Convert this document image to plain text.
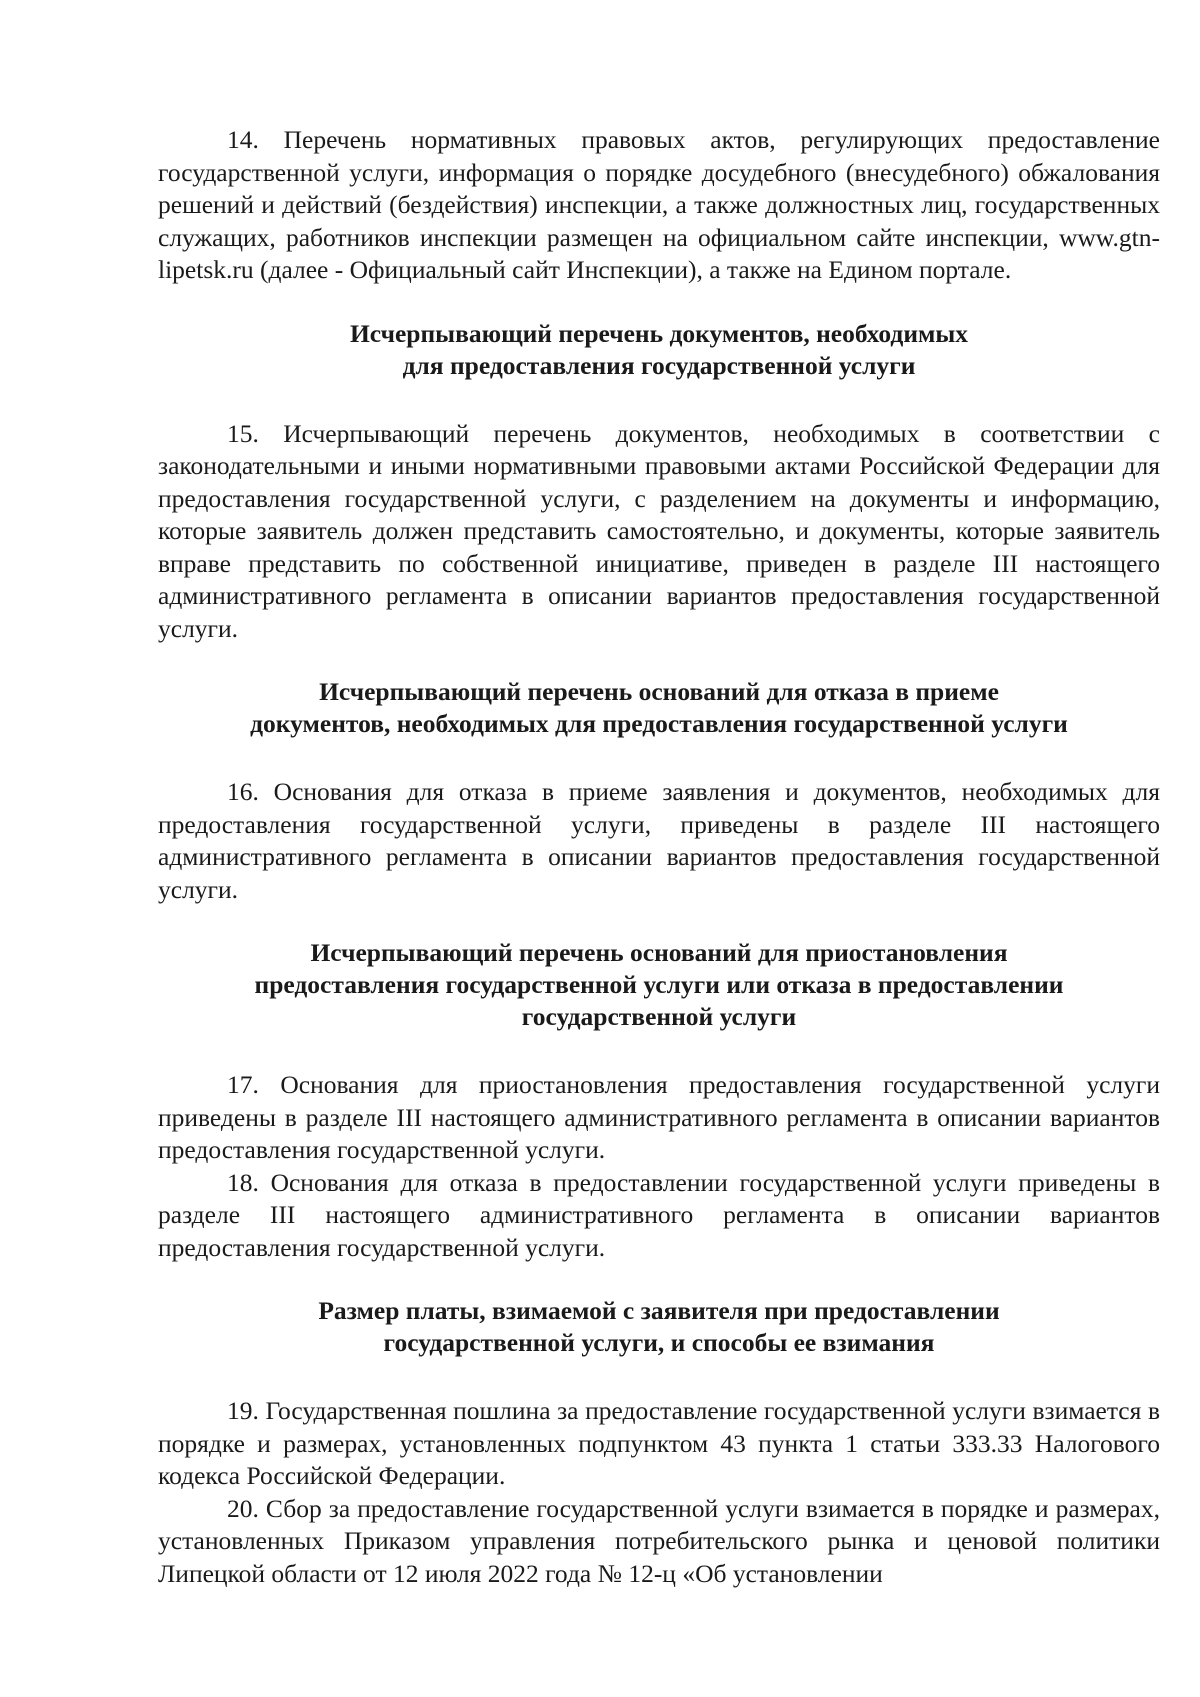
14. Перечень нормативных правовых актов, регулирующих предоставление государственной услуги, информация о порядке досудебного (внесудебного) обжалования решений и действий (бездействия) инспекции, а также должностных лиц, государственных служащих, работников инспекции размещен на официальном сайте инспекции, www.gtn-lipetsk.ru (далее - Официальный сайт Инспекции), а также на Едином портале.

Исчерпывающий перечень документов, необходимых

для предоставления государственной услуги

15. Исчерпывающий перечень документов, необходимых в соответствии с законодательными и иными нормативными правовыми актами Российской Федерации для предоставления государственной услуги, с разделением на документы и информацию, которые заявитель должен представить самостоятельно, и документы, которые заявитель вправе представить по собственной инициативе, приведен в разделе III настоящего административного регламента в описании вариантов предоставления государственной услуги.

Исчерпывающий перечень оснований для отказа в приеме

документов, необходимых для предоставления государственной услуги

16. Основания для отказа в приеме заявления и документов, необходимых для предоставления государственной услуги, приведены в разделе III настоящего административного регламента в описании вариантов предоставления государственной услуги.

Исчерпывающий перечень оснований для приостановления

предоставления государственной услуги или отказа в предоставлении

государственной услуги

17. Основания для приостановления предоставления государственной услуги приведены в разделе III настоящего административного регламента в описании вариантов предоставления государственной услуги.

18. Основания для отказа в предоставлении государственной услуги приведены в разделе III настоящего административного регламента в описании вариантов предоставления государственной услуги.

Размер платы, взимаемой с заявителя при предоставлении

государственной услуги, и способы ее взимания

19. Государственная пошлина за предоставление государственной услуги взимается в порядке и размерах, установленных подпунктом 43 пункта 1 статьи 333.33 Налогового кодекса Российской Федерации.

20. Сбор за предоставление государственной услуги взимается в порядке и размерах, установленных Приказом управления потребительского рынка и ценовой политики Липецкой области от 12 июля 2022 года № 12-ц «Об установлении
